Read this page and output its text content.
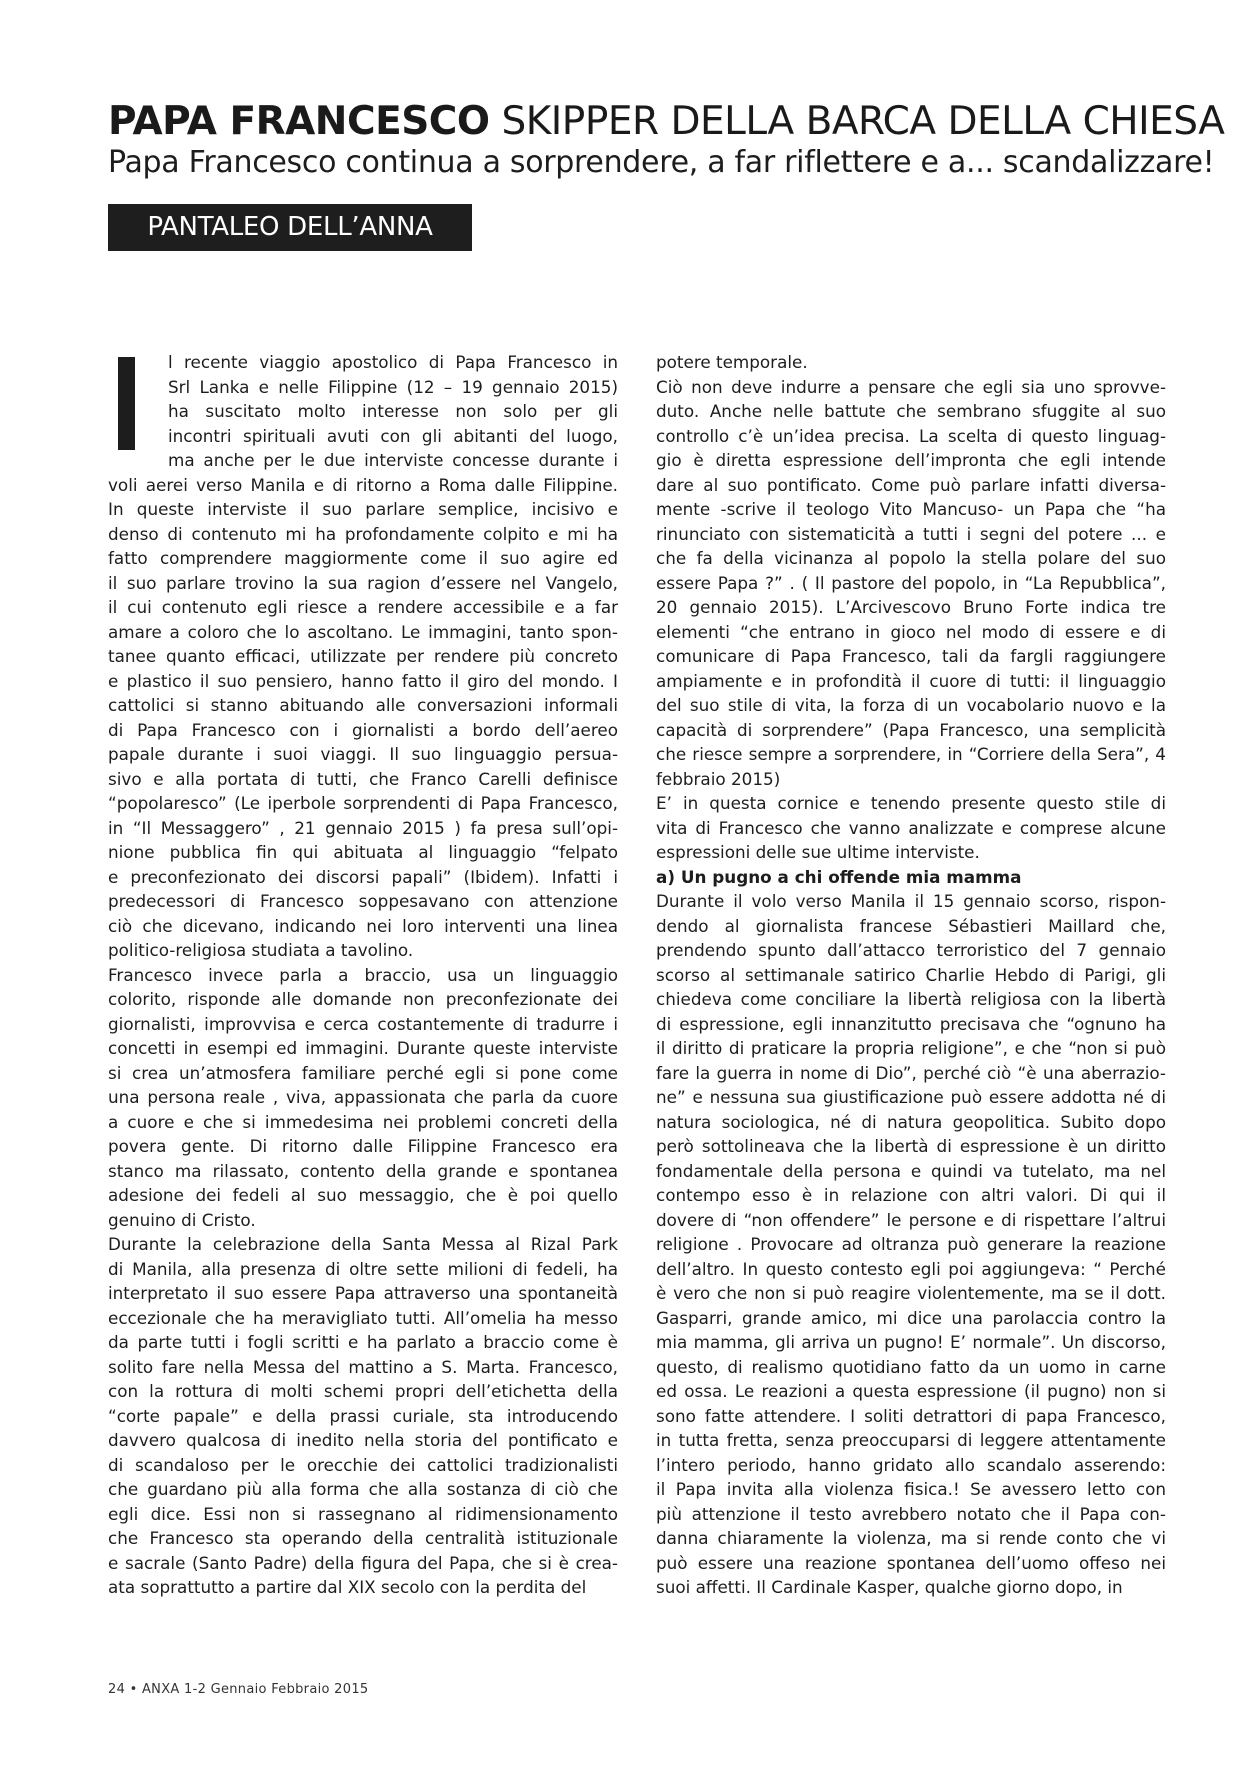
PAPA FRANCESCO SKIPPER DELLA BARCA DELLA CHIESA
Papa Francesco continua a sorprendere, a far riflettere e a... scandalizzare!
PANTALEO DELL’ANNA
l recente viaggio apostolico di Papa Francesco in
Srl Lanka e nelle Filippine (12 – 19 gennaio 2015)
ha suscitato molto interesse non solo per gli
incontri spirituali avuti con gli abitanti del luogo,
ma anche per le due interviste concesse durante i
voli aerei verso Manila e di ritorno a Roma dalle Filippine.
In queste interviste il suo parlare semplice, incisivo e
denso di contenuto mi ha profondamente colpito e mi ha
fatto comprendere maggiormente come il suo agire ed
il suo parlare trovino la sua ragion d’essere nel Vangelo,
il cui contenuto egli riesce a rendere accessibile e a far
amare a coloro che lo ascoltano. Le immagini, tanto spon-
tanee quanto efficaci, utilizzate per rendere più concreto
e plastico il suo pensiero, hanno fatto il giro del mondo. I
cattolici si stanno abituando alle conversazioni informali
di Papa Francesco con i giornalisti a bordo dell’aereo
papale durante i suoi viaggi. Il suo linguaggio persua-
sivo e alla portata di tutti, che Franco Carelli definisce
“popolaresco” (Le iperbole sorprendenti di Papa Francesco,
in “Il Messaggero” , 21 gennaio 2015 ) fa presa sull’opi-
nione pubblica fin qui abituata al linguaggio “felpato
e preconfezionato dei discorsi papali” (Ibidem). Infatti i
predecessori di Francesco soppesavano con attenzione
ciò che dicevano, indicando nei loro interventi una linea
politico-religiosa studiata a tavolino.
Francesco invece parla a braccio, usa un linguaggio
colorito, risponde alle domande non preconfezionate dei
giornalisti, improvvisa e cerca costantemente di tradurre i
concetti in esempi ed immagini. Durante queste interviste
si crea un’atmosfera familiare perché egli si pone come
una persona reale , viva, appassionata che parla da cuore
a cuore e che si immedesima nei problemi concreti della
povera gente. Di ritorno dalle Filippine Francesco era
stanco ma rilassato, contento della grande e spontanea
adesione dei fedeli al suo messaggio, che è poi quello
genuino di Cristo.
Durante la celebrazione della Santa Messa al Rizal Park
di Manila, alla presenza di oltre sette milioni di fedeli, ha
interpretato il suo essere Papa attraverso una spontaneità
eccezionale che ha meravigliato tutti. All’omelia ha messo
da parte tutti i fogli scritti e ha parlato a braccio come è
solito fare nella Messa del mattino a S. Marta. Francesco,
con la rottura di molti schemi propri dell’etichetta della
“corte papale” e della prassi curiale, sta introducendo
davvero qualcosa di inedito nella storia del pontificato e
di scandaloso per le orecchie dei cattolici tradizionalisti
che guardano più alla forma che alla sostanza di ciò che
egli dice. Essi non si rassegnano al ridimensionamento
che Francesco sta operando della centralità istituzionale
e sacrale (Santo Padre) della figura del Papa, che si è crea-
ata soprattutto a partire dal XIX secolo con la perdita del
potere temporale.
Ciò non deve indurre a pensare che egli sia uno sprovve-
duto. Anche nelle battute che sembrano sfuggite al suo
controllo c’è un’idea precisa. La scelta di questo linguag-
gio è diretta espressione dell’impronta che egli intende
dare al suo pontificato. Come può parlare infatti diversa-
mente -scrive il teologo Vito Mancuso- un Papa che “ha
rinunciato con sistematicità a tutti i segni del potere ... e
che fa della vicinanza al popolo la stella polare del suo
essere Papa ?” . ( Il pastore del popolo, in “La Repubblica”,
20 gennaio 2015). L’Arcivescovo Bruno Forte indica tre
elementi “che entrano in gioco nel modo di essere e di
comunicare di Papa Francesco, tali da fargli raggiungere
ampiamente e in profondità il cuore di tutti: il linguaggio
del suo stile di vita, la forza di un vocabolario nuovo e la
capacità di sorprendere” (Papa Francesco, una semplicità
che riesce sempre a sorprendere, in “Corriere della Sera”, 4
febbraio 2015)
E’ in questa cornice e tenendo presente questo stile di
vita di Francesco che vanno analizzate e comprese alcune
espressioni delle sue ultime interviste.
a) Un pugno a chi offende mia mamma
Durante il volo verso Manila il 15 gennaio scorso, rispon-
dendo al giornalista francese Sébastieri Maillard che,
prendendo spunto dall’attacco terroristico del 7 gennaio
scorso al settimanale satirico Charlie Hebdo di Parigi, gli
chiedeva come conciliare la libertà religiosa con la libertà
di espressione, egli innanzitutto precisava che “ognuno ha
il diritto di praticare la propria religione”, e che “non si può
fare la guerra in nome di Dio”, perché ciò “è una aberrazio-
ne” e nessuna sua giustificazione può essere addotta né di
natura sociologica, né di natura geopolitica. Subito dopo
però sottolineava che la libertà di espressione è un diritto
fondamentale della persona e quindi va tutelato, ma nel
contempo esso è in relazione con altri valori. Di qui il
dovere di “non offendere” le persone e di rispettare l’altrui
religione . Provocare ad oltranza può generare la reazione
dell’altro. In questo contesto egli poi aggiungeva: “ Perché
è vero che non si può reagire violentemente, ma se il dott.
Gasparri, grande amico, mi dice una parolaccia contro la
mia mamma, gli arriva un pugno! E’ normale”. Un discorso,
questo, di realismo quotidiano fatto da un uomo in carne
ed ossa. Le reazioni a questa espressione (il pugno) non si
sono fatte attendere. I soliti detrattori di papa Francesco,
in tutta fretta, senza preoccuparsi di leggere attentamente
l’intero periodo, hanno gridato allo scandalo asserendo:
il Papa invita alla violenza fisica.! Se avessero letto con
più attenzione il testo avrebbero notato che il Papa con-
danna chiaramente la violenza, ma si rende conto che vi
può essere una reazione spontanea dell’uomo offeso nei
suoi affetti. Il Cardinale Kasper, qualche giorno dopo, in
24 • ANXA 1-2 Gennaio Febbraio 2015
